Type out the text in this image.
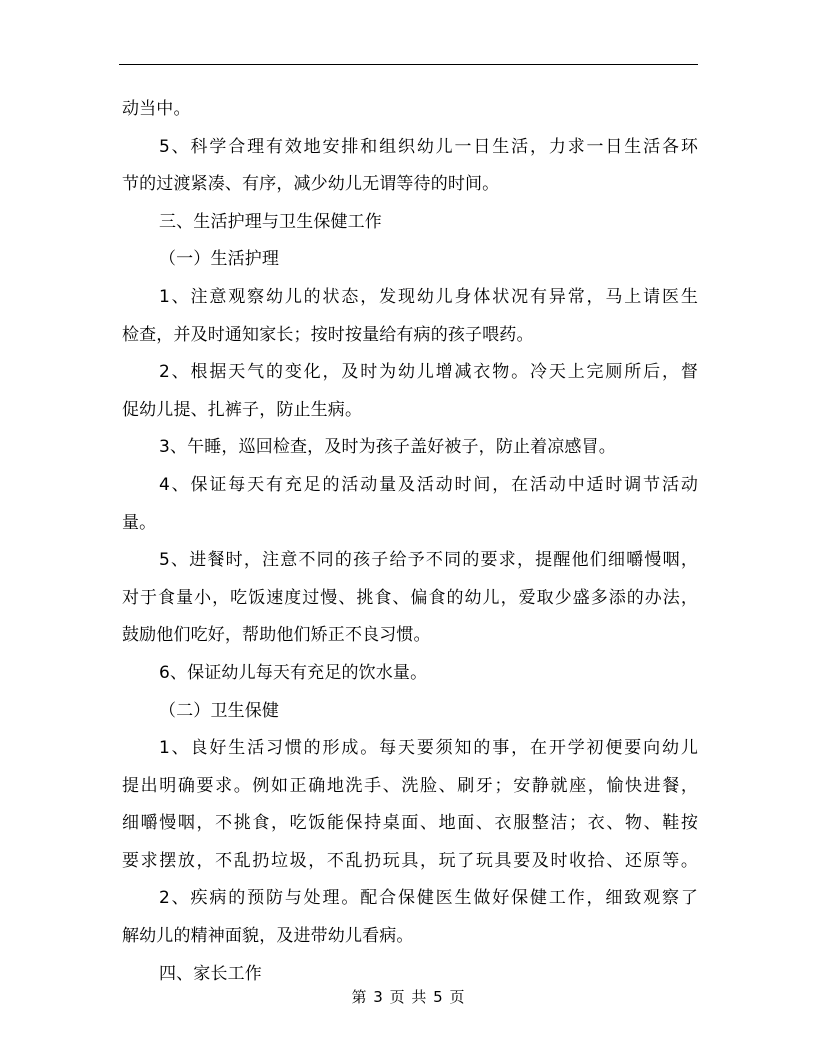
动当中。
5、科学合理有效地安排和组织幼儿一日生活，力求一日生活各环
节的过渡紧凑、有序，减少幼儿无谓等待的时间。
三、生活护理与卫生保健工作
（一）生活护理
1、注意观察幼儿的状态，发现幼儿身体状况有异常，马上请医生
检查，并及时通知家长；按时按量给有病的孩子喂药。
2、根据天气的变化，及时为幼儿增减衣物。冷天上完厕所后，督
促幼儿提、扎裤子，防止生病。
3、午睡，巡回检查，及时为孩子盖好被子，防止着凉感冒。
4、保证每天有充足的活动量及活动时间，在活动中适时调节活动
量。
5、进餐时，注意不同的孩子给予不同的要求，提醒他们细嚼慢咽，
对于食量小，吃饭速度过慢、挑食、偏食的幼儿，爱取少盛多添的办法，
鼓励他们吃好，帮助他们矫正不良习惯。
6、保证幼儿每天有充足的饮水量。
（二）卫生保健
1、良好生活习惯的形成。每天要须知的事，在开学初便要向幼儿
提出明确要求。例如正确地洗手、洗脸、刷牙；安静就座，愉快进餐，
细嚼慢咽，不挑食，吃饭能保持桌面、地面、衣服整洁；衣、物、鞋按
要求摆放，不乱扔垃圾，不乱扔玩具，玩了玩具要及时收拾、还原等。
2、疾病的预防与处理。配合保健医生做好保健工作，细致观察了
解幼儿的精神面貌，及进带幼儿看病。
四、家长工作
第 3 页 共 5 页
